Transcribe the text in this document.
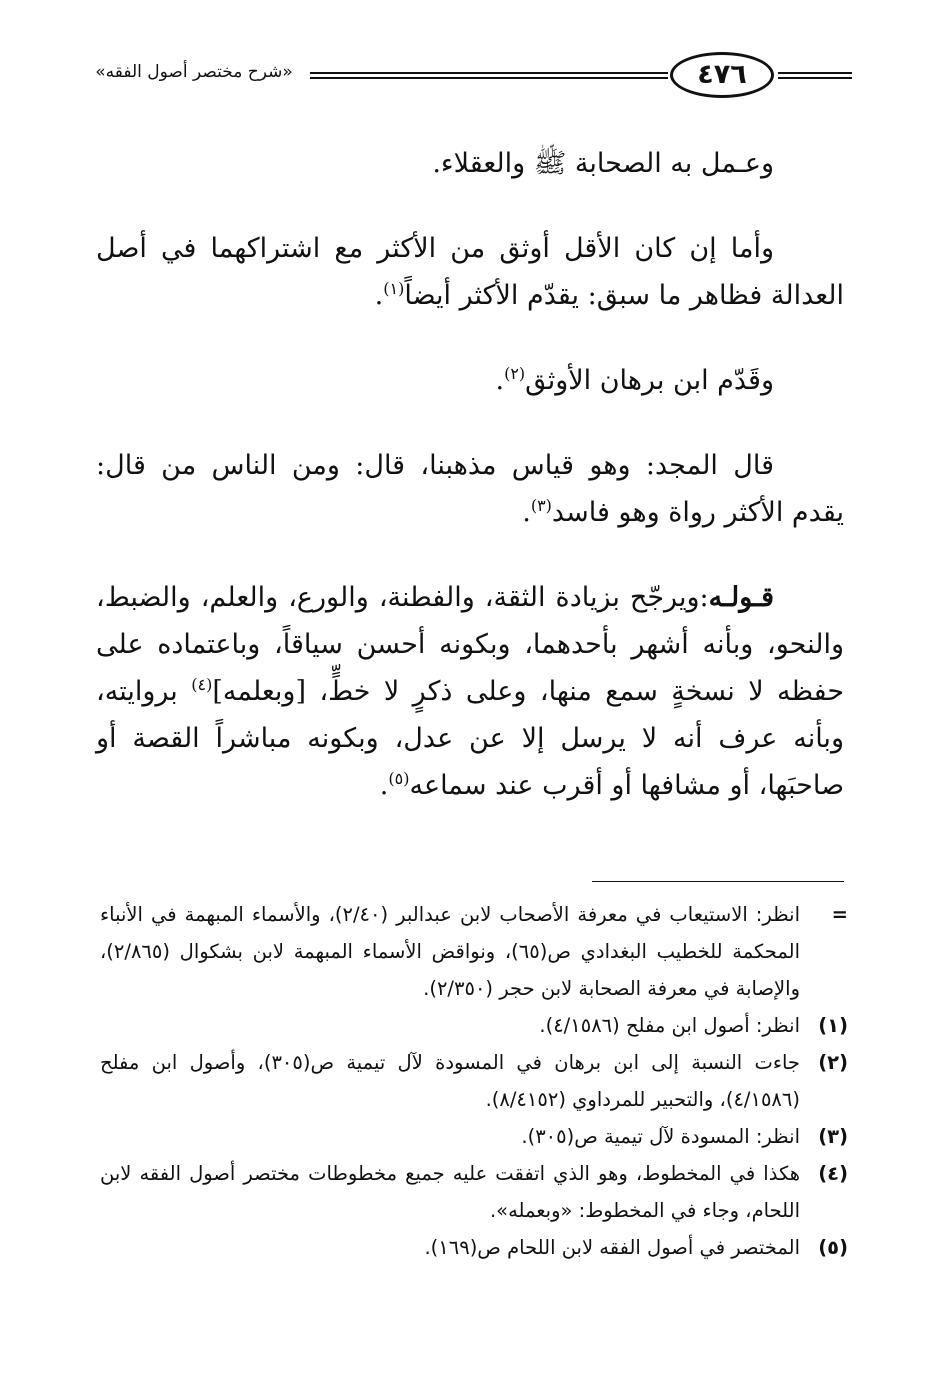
«شرح مختصر أصول الفقه»	٤٧٦

وعـمل به الصحابة ﷺ والعقلاء.

وأما إن كان الأقل أوثق من الأكثر مع اشتراكهما في أصل العدالة فظاهر ما سبق: يقدّم الأكثر أيضاً$^{(١)}$.

وقَدّم ابن برهان الأوثق$^{(٢)}$.

قال المجد: وهو قياس مذهبنا، قال: ومن الناس من قال: يقدم الأكثر رواة وهو فاسد$^{(٣)}$.

قـولـه:ويرجّح بزيادة الثقة، والفطنة، والورع، والعلم، والضبط، والنحو، وبأنه أشهر بأحدهما، وبكونه أحسن سياقاً، وباعتماده على حفظه لا نسخةٍ سمع منها، وعلى ذكرٍ لا خطٍّ، [وبعلمه]$^{(٤)}$ بروايته، وبأنه عرف أنه لا يرسل إلا عن عدل، وبكونه مباشراً القصة أو صاحبَها، أو مشافها أو أقرب عند سماعه$^{(٥)}$.

=
انظر: الاستيعاب في معرفة الأصحاب لابن عبدالبر (٢/٤٠)، والأسماء المبهمة في الأنباء المحكمة للخطيب البغدادي ص(٦٥)، ونواقض الأسماء المبهمة لابن بشكوال (٢/٨٦٥)، والإصابة في معرفة الصحابة لابن حجر (٢/٣٥٠).
(١)
انظر: أصول ابن مفلح (٤/١٥٨٦).
(٢)
جاءت النسبة إلى ابن برهان في المسودة لآل تيمية ص(٣٠٥)، وأصول ابن مفلح (٤/١٥٨٦)، والتحبير للمرداوي (٨/٤١٥٢).
(٣)
انظر: المسودة لآل تيمية ص(٣٠٥).
(٤)
هكذا في المخطوط، وهو الذي اتفقت عليه جميع مخطوطات مختصر أصول الفقه لابن اللحام، وجاء في المخطوط: «وبعمله».
(٥)
المختصر في أصول الفقه لابن اللحام ص(١٦٩).
